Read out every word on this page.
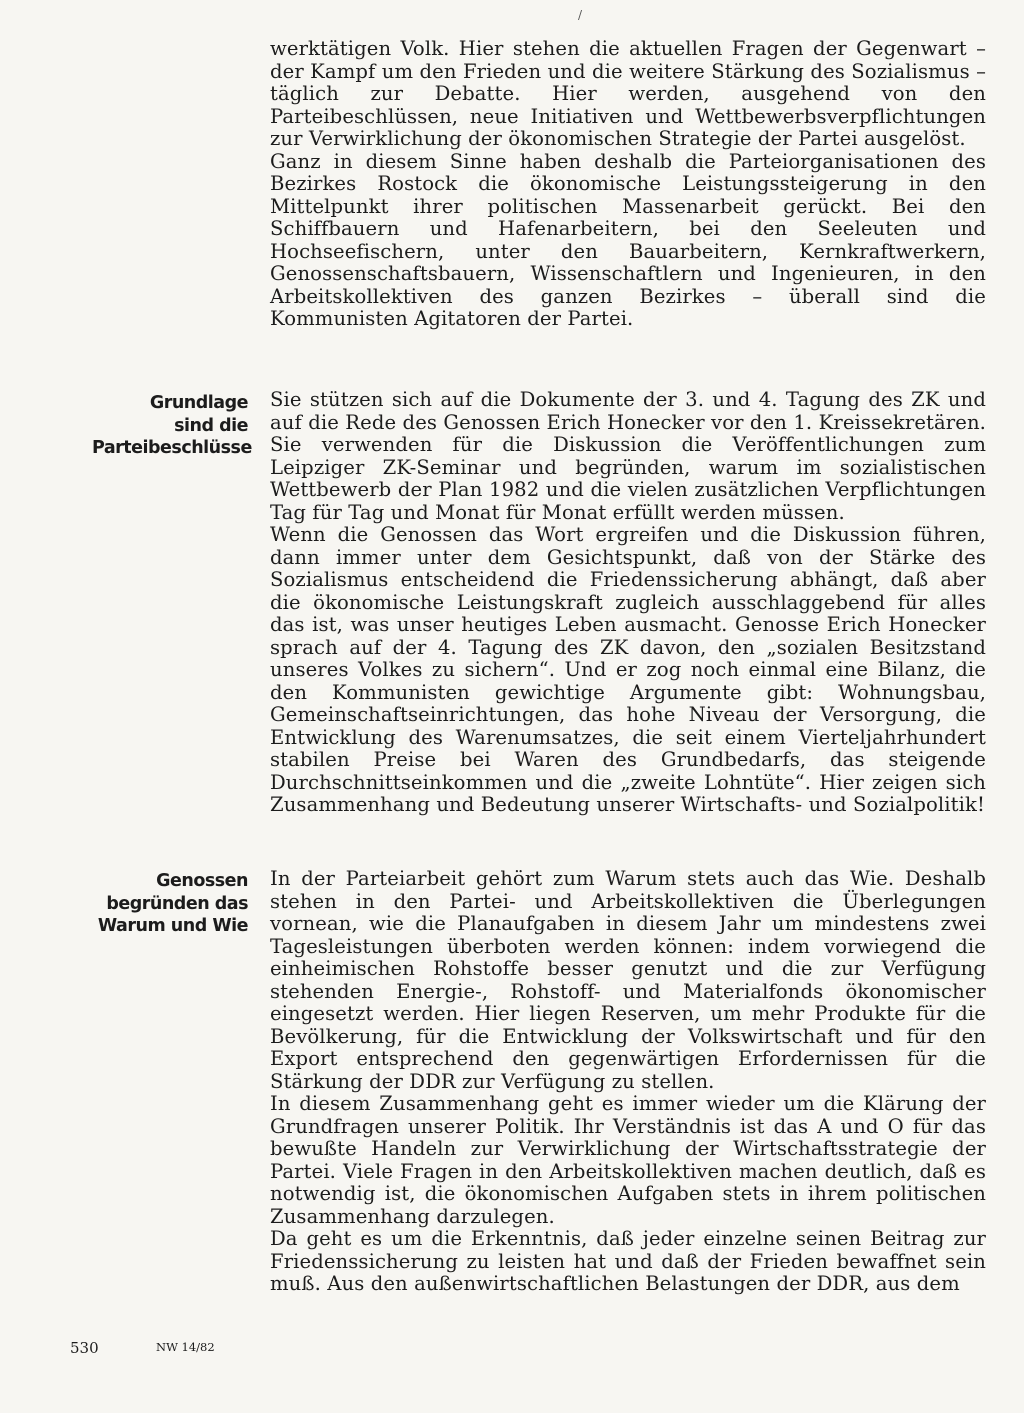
/

werktätigen Volk. Hier stehen die aktuellen Fragen der Gegenwart – der Kampf um den Frieden und die weitere Stärkung des Sozialismus – täglich zur Debatte. Hier werden, ausgehend von den Parteibeschlüssen, neue Initiativen und Wettbewerbsverpflichtungen zur Verwirklichung der ökonomischen Strategie der Partei ausgelöst.

Ganz in diesem Sinne haben deshalb die Parteiorganisationen des Bezirkes Rostock die ökonomische Leistungssteigerung in den Mittelpunkt ihrer politischen Massenarbeit gerückt. Bei den Schiffbauern und Hafenarbeitern, bei den Seeleuten und Hochseefischern, unter den Bauarbeitern, Kernkraftwerkern, Genossenschaftsbauern, Wissenschaftlern und Ingenieuren, in den Arbeitskollektiven des ganzen Bezirkes – überall sind die Kommunisten Agitatoren der Partei.

Grundlage
sind die
Parteibeschlüsse

Sie stützen sich auf die Dokumente der 3. und 4. Tagung des ZK und auf die Rede des Genossen Erich Honecker vor den 1. Kreissekretären. Sie verwenden für die Diskussion die Veröffentlichungen zum Leipziger ZK-Seminar und begründen, warum im sozialistischen Wettbewerb der Plan 1982 und die vielen zusätzlichen Verpflichtungen Tag für Tag und Monat für Monat erfüllt werden müssen.

Wenn die Genossen das Wort ergreifen und die Diskussion führen, dann immer unter dem Gesichtspunkt, daß von der Stärke des Sozialismus entscheidend die Friedenssicherung abhängt, daß aber die ökonomische Leistungskraft zugleich ausschlaggebend für alles das ist, was unser heutiges Leben ausmacht. Genosse Erich Honecker sprach auf der 4. Tagung des ZK davon, den „sozialen Besitzstand unseres Volkes zu sichern“. Und er zog noch einmal eine Bilanz, die den Kommunisten gewichtige Argumente gibt: Wohnungsbau, Gemeinschaftseinrichtungen, das hohe Niveau der Versorgung, die Entwicklung des Warenumsatzes, die seit einem Vierteljahrhundert stabilen Preise bei Waren des Grundbedarfs, das steigende Durchschnittseinkommen und die „zweite Lohntüte“. Hier zeigen sich Zusammenhang und Bedeutung unserer Wirtschafts- und Sozialpolitik!

Genossen
begründen das
Warum und Wie

In der Parteiarbeit gehört zum Warum stets auch das Wie. Deshalb stehen in den Partei- und Arbeitskollektiven die Überlegungen vornean, wie die Planaufgaben in diesem Jahr um mindestens zwei Tagesleistungen überboten werden können: indem vorwiegend die einheimischen Rohstoffe besser genutzt und die zur Verfügung stehenden Energie-, Rohstoff- und Materialfonds ökonomischer eingesetzt werden. Hier liegen Reserven, um mehr Produkte für die Bevölkerung, für die Entwicklung der Volkswirtschaft und für den Export entsprechend den gegenwärtigen Erfordernissen für die Stärkung der DDR zur Verfügung zu stellen.

In diesem Zusammenhang geht es immer wieder um die Klärung der Grundfragen unserer Politik. Ihr Verständnis ist das A und O für das bewußte Handeln zur Verwirklichung der Wirtschaftsstrategie der Partei. Viele Fragen in den Arbeitskollektiven machen deutlich, daß es notwendig ist, die ökonomischen Aufgaben stets in ihrem politischen Zusammenhang darzulegen.

Da geht es um die Erkenntnis, daß jeder einzelne seinen Beitrag zur Friedenssicherung zu leisten hat und daß der Frieden bewaffnet sein muß. Aus den außenwirtschaftlichen Belastungen der DDR, aus dem

530	NW 14/82
